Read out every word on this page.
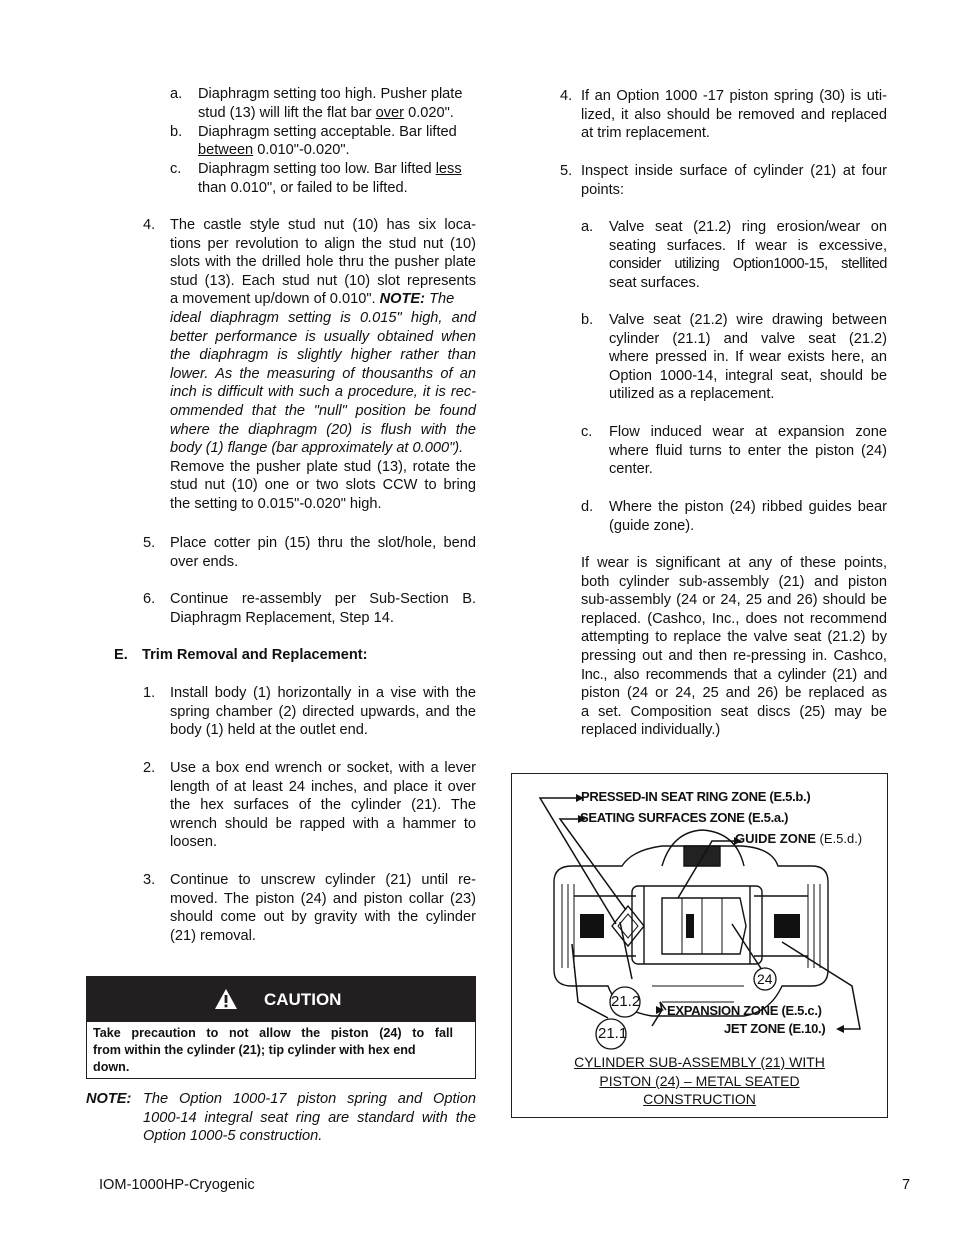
a. Diaphragm setting too high. Pusher plate
stud (13) will lift the flat bar over 0.020".
b. Diaphragm setting acceptable. Bar lifted
between 0.010"-0.020".
c. Diaphragm setting too low. Bar lifted less
than 0.010", or failed to be lifted.
4. The castle style stud nut (10) has six loca-
tions per revolution to align the stud nut (10)
slots with the drilled hole thru the pusher plate
stud (13). Each stud nut (10) slot represents
a movement up/down of 0.010". NOTE: The
ideal diaphragm setting is 0.015" high, and
better performance is usually obtained when
the diaphragm is slightly higher rather than
lower. As the measuring of thousanths of an
inch is difficult with such a procedure, it is rec-
ommended that the "null" position be found
where the diaphragm (20) is flush with the
body (1) flange (bar approximately at 0.000").
Remove the pusher plate stud (13), rotate the
stud nut (10) one or two slots CCW to bring
the setting to 0.015"-0.020" high.
5. Place cotter pin (15) thru the slot/hole, bend
over ends.
6. Continue re-assembly per Sub-Section B.
Diaphragm Replacement, Step 14.
E. Trim Removal and Replacement:
1. Install body (1) horizontally in a vise with the
spring chamber (2) directed upwards, and the
body (1) held at the outlet end.
2. Use a box end wrench or socket, with a lever
length of at least 24 inches, and place it over
the hex surfaces of the cylinder (21). The
wrench should be rapped with a hammer to
loosen.
3. Continue to unscrew cylinder (21) until re-
moved. The piston (24) and piston collar (23)
should come out by gravity with the cylinder
(21) removal.
CAUTION
Take precaution to not allow the piston (24) to fall
from within the cylinder (21); tip cylinder with hex end
down.
NOTE: The Option 1000-17 piston spring and Option
1000-14 integral seat ring are standard with the
Option 1000-5 construction.
4. If an Option 1000 -17 piston spring (30) is uti-
lized, it also should be removed and replaced
at trim replacement.
5. Inspect inside surface of cylinder (21) at four
points:
a. Valve seat (21.2) ring erosion/wear on
seating surfaces. If wear is excessive,
consider utilizing Option1000-15, stellited
seat surfaces.
b. Valve seat (21.2) wire drawing between
cylinder (21.1) and valve seat (21.2)
where pressed in. If wear exists here, an
Option 1000-14, integral seat, should be
utilized as a replacement.
c. Flow induced wear at expansion zone
where fluid turns to enter the piston (24)
center.
d. Where the piston (24) ribbed guides bear
(guide zone).
If wear is significant at any of these points,
both cylinder sub-assembly (21) and piston
sub-assembly (24 or 24, 25 and 26) should be
replaced. (Cashco, Inc., does not recommend
attempting to replace the valve seat (21.2) by
pressing out and then re-pressing in. Cashco,
Inc., also recommends that a cylinder (21) and
piston (24 or 24, 25 and 26) be replaced as
a set. Composition seat discs (25) may be
replaced individually.)
PRESSED-IN SEAT RING ZONE (E.5.b.)
SEATING SURFACES ZONE (E.5.a.)
GUIDE ZONE (E.5.d.)
EXPANSION ZONE (E.5.c.)
JET ZONE (E.10.)
24
21.2
21.1
CYLINDER SUB-ASSEMBLY (21) WITH
PISTON (24) – METAL SEATED
CONSTRUCTION
IOM-1000HP-Cryogenic	7
